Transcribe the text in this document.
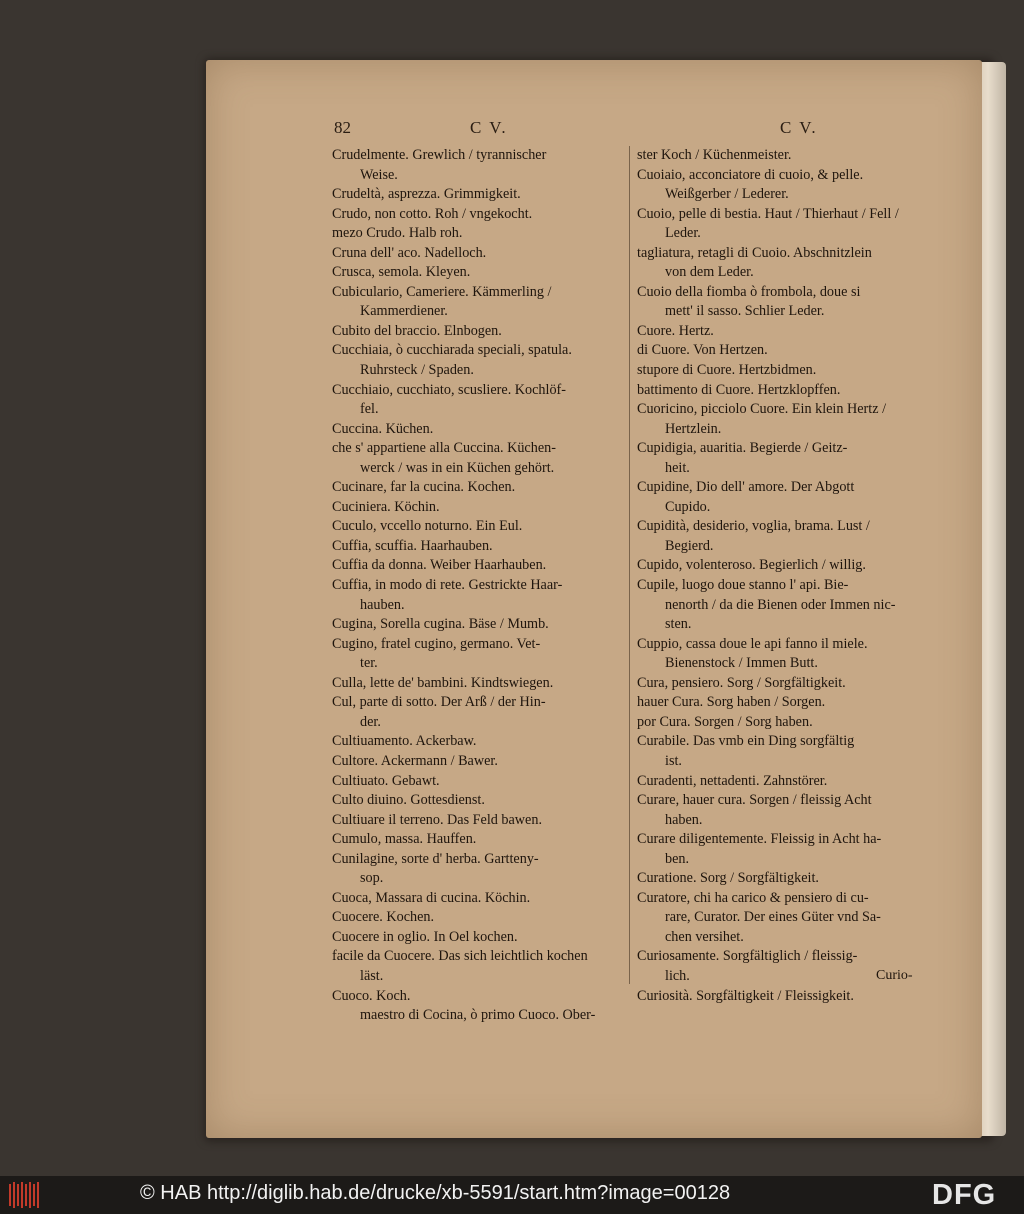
82	C V.	C V.
Crudelmente. Grewlich / tyrannischer
Weise.
Crudeltà, asprezza. Grimmigkeit.
Crudo, non cotto. Roh / vngekocht.
mezo Crudo. Halb roh.
Cruna dell' aco. Nadelloch.
Crusca, semola. Kleyen.
Cubiculario, Cameriere. Kämmerling /
Kammerdiener.
Cubito del braccio. Elnbogen.
Cucchiaia, ò cucchiarada speciali, spatula.
Ruhrsteck / Spaden.
Cucchiaio, cucchiato, scusliere. Kochlöf-
fel.
Cuccina. Küchen.
che s' appartiene alla Cuccina. Küchen-
werck / was in ein Küchen gehört.
Cucinare, far la cucina. Kochen.
Cuciniera. Köchin.
Cuculo, vccello noturno. Ein Eul.
Cuffia, scuffia. Haarhauben.
Cuffia da donna. Weiber Haarhauben.
Cuffia, in modo di rete. Gestrickte Haar-
hauben.
Cugina, Sorella cugina. Bäse / Mumb.
Cugino, fratel cugino, germano. Vet-
ter.
Culla, lette de' bambini. Kindtswiegen.
Cul, parte di sotto. Der Arß / der Hin-
der.
Cultiuamento. Ackerbaw.
Cultore. Ackermann / Bawer.
Cultiuato. Gebawt.
Culto diuino. Gottesdienst.
Cultiuare il terreno. Das Feld bawen.
Cumulo, massa. Hauffen.
Cunilagine, sorte d' herba. Gartteny-
sop.
Cuoca, Massara di cucina. Köchin.
Cuocere. Kochen.
Cuocere in oglio. In Oel kochen.
facile da Cuocere. Das sich leichtlich kochen
läst.
Cuoco. Koch.
maestro di Cocina, ò primo Cuoco. Ober-
ster Koch / Küchenmeister.
Cuoiaio, acconciatore di cuoio, & pelle.
Weißgerber / Lederer.
Cuoio, pelle di bestia. Haut / Thierhaut / Fell /
Leder.
tagliatura, retagli di Cuoio. Abschnitzlein
von dem Leder.
Cuoio della fiomba ò frombola, doue si
mett' il sasso. Schlier Leder.
Cuore. Hertz.
di Cuore. Von Hertzen.
stupore di Cuore. Hertzbidmen.
battimento di Cuore. Hertzklopffen.
Cuoricino, picciolo Cuore. Ein klein Hertz /
Hertzlein.
Cupidigia, auaritia. Begierde / Geitz-
heit.
Cupidine, Dio dell' amore. Der Abgott
Cupido.
Cupidità, desiderio, voglia, brama. Lust /
Begierd.
Cupido, volenteroso. Begierlich / willig.
Cupile, luogo doue stanno l' api. Bie-
nenorth / da die Bienen oder Immen nic-
sten.
Cuppio, cassa doue le api fanno il miele.
Bienenstock / Immen Butt.
Cura, pensiero. Sorg / Sorgfältigkeit.
hauer Cura. Sorg haben / Sorgen.
por Cura. Sorgen / Sorg haben.
Curabile. Das vmb ein Ding sorgfältig
ist.
Curadenti, nettadenti. Zahnstörer.
Curare, hauer cura. Sorgen / fleissig Acht
haben.
Curare diligentemente. Fleissig in Acht ha-
ben.
Curatione. Sorg / Sorgfältigkeit.
Curatore, chi ha carico & pensiero di cu-
rare, Curator. Der eines Güter vnd Sa-
chen versihet.
Curiosamente. Sorgfältiglich / fleissig-
lich.
Curiosità. Sorgfältigkeit / Fleissigkeit.
Curio-
© HAB http://diglib.hab.de/drucke/xb-5591/start.htm?image=00128	DFG
